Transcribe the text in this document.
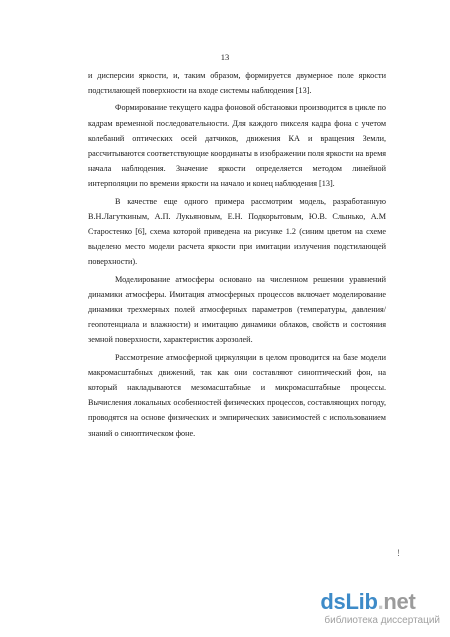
13

и дисперсии яркости, и, таким образом, формируется двумерное поле яркости подстилающей поверхности на входе системы наблюдения [13].

Формирование текущего кадра фоновой обстановки производится в цикле по кадрам временной последовательности. Для каждого пикселя кадра фона с учетом колебаний оптических осей датчиков, движения КА и вращения Земли, рассчитываются соответствующие координаты в изображении поля яркости на время начала наблюдения. Значение яркости определяется методом линейной интерполяции по времени яркости на начало и конец наблюдения [13].

В качестве еще одного примера рассмотрим модель, разработанную В.Н.Лагуткиным, А.П. Лукьяновым, Е.Н. Подкорытовым, Ю.В. Слынько, А.М Старостенко [6], схема которой приведена на рисунке 1.2 (синим цветом на схеме выделено место модели расчета яркости при имитации излучения подстилающей поверхности).

Моделирование атмосферы основано на численном решении уравнений динамики атмосферы. Имитация атмосферных процессов включает моделирование динамики трехмерных полей атмосферных параметров (температуры, давления/геопотенциала и влажности) и имитацию динамики облаков, свойств и состояния земной поверхности, характеристик аэрозолей.

Рассмотрение атмосферной циркуляции в целом проводится на базе модели макромасштабных движений, так как они составляют синоптический фон, на который накладываются мезомасштабные и микромасштабные процессы. Вычисления локальных особенностей физических процессов, составляющих погоду, проводятся на основе физических и эмпирических зависимостей с использованием знаний о синоптическом фоне.

!
ds Lib . net
библиотека диссертаций
